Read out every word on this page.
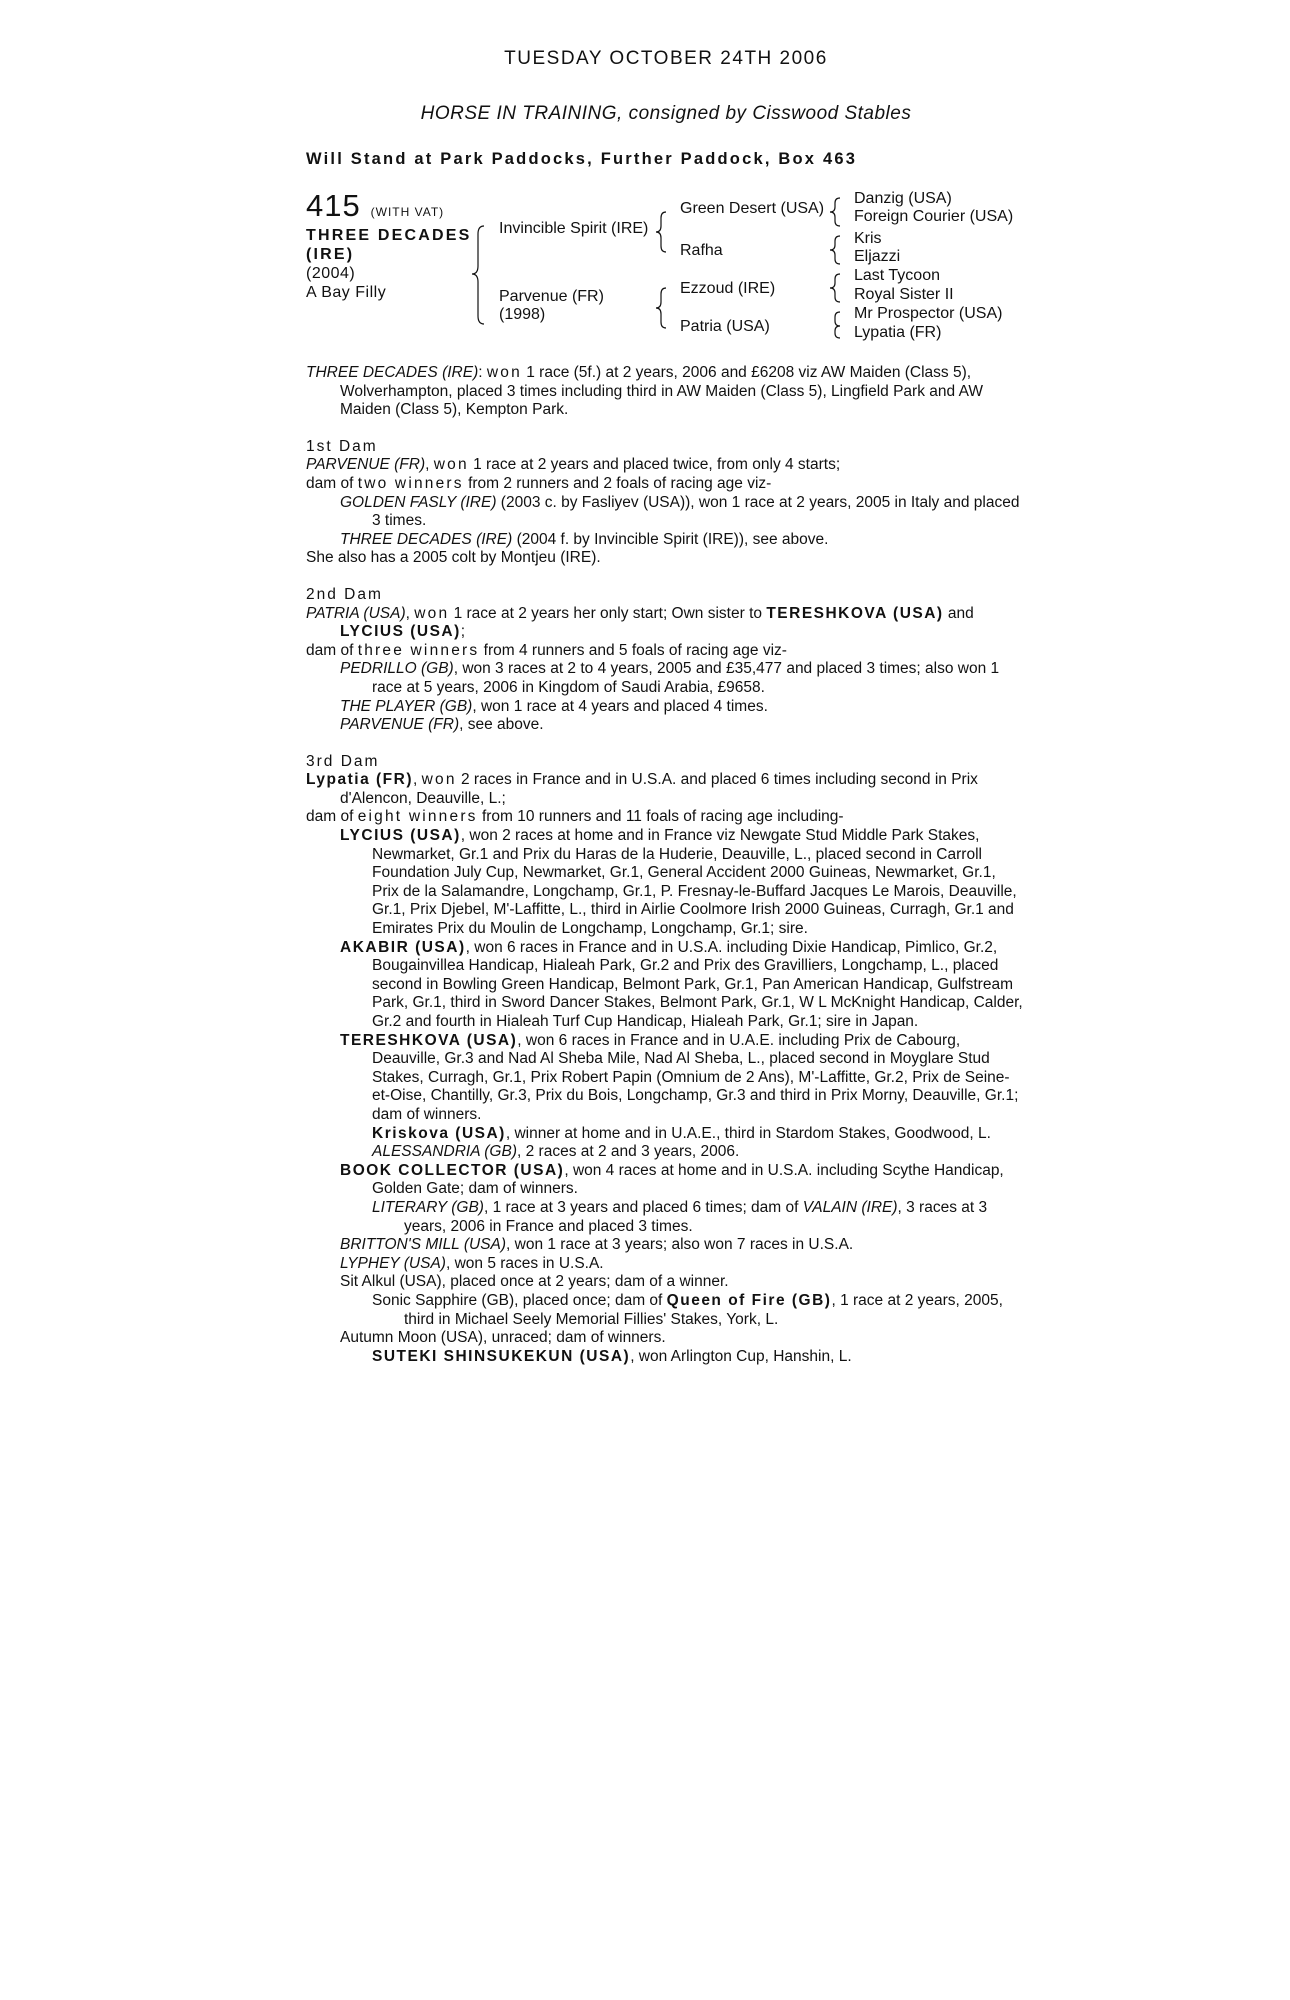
TUESDAY OCTOBER 24TH 2006
HORSE IN TRAINING, consigned by Cisswood Stables
Will Stand at Park Paddocks, Further Paddock, Box 463
415 (WITH VAT)
THREE DECADES
(IRE)
(2004)
A Bay Filly
Invincible Spirit (IRE)
Parvenue (FR)
(1998)
Green Desert (USA)
Rafha
Ezzoud (IRE)
Patria (USA)
Danzig (USA)
Foreign Courier (USA)
Kris
Eljazzi
Last Tycoon
Royal Sister II
Mr Prospector (USA)
Lypatia (FR)

THREE DECADES (IRE): won 1 race (5f.) at 2 years, 2006 and £6208 viz AW Maiden (Class 5), Wolverhampton, placed 3 times including third in AW Maiden (Class 5), Lingfield Park and AW Maiden (Class 5), Kempton Park.

1st Dam

PARVENUE (FR), won 1 race at 2 years and placed twice, from only 4 starts;

dam of two winners from 2 runners and 2 foals of racing age viz-

GOLDEN FASLY (IRE) (2003 c. by Fasliyev (USA)), won 1 race at 2 years, 2005 in Italy and placed 3 times.

THREE DECADES (IRE) (2004 f. by Invincible Spirit (IRE)), see above.

She also has a 2005 colt by Montjeu (IRE).

2nd Dam

PATRIA (USA), won 1 race at 2 years her only start; Own sister to TERESHKOVA (USA) and LYCIUS (USA);

dam of three winners from 4 runners and 5 foals of racing age viz-

PEDRILLO (GB), won 3 races at 2 to 4 years, 2005 and £35,477 and placed 3 times; also won 1 race at 5 years, 2006 in Kingdom of Saudi Arabia, £9658.

THE PLAYER (GB), won 1 race at 4 years and placed 4 times.

PARVENUE (FR), see above.

3rd Dam

Lypatia (FR), won 2 races in France and in U.S.A. and placed 6 times including second in Prix d'Alencon, Deauville, L.;

dam of eight winners from 10 runners and 11 foals of racing age including-

LYCIUS (USA), won 2 races at home and in France viz Newgate Stud Middle Park Stakes, Newmarket, Gr.1 and Prix du Haras de la Huderie, Deauville, L., placed second in Carroll Foundation July Cup, Newmarket, Gr.1, General Accident 2000 Guineas, Newmarket, Gr.1, Prix de la Salamandre, Longchamp, Gr.1, P. Fresnay-le-Buffard Jacques Le Marois, Deauville, Gr.1, Prix Djebel, M'-Laffitte, L., third in Airlie Coolmore Irish 2000 Guineas, Curragh, Gr.1 and Emirates Prix du Moulin de Longchamp, Longchamp, Gr.1; sire.

AKABIR (USA), won 6 races in France and in U.S.A. including Dixie Handicap, Pimlico, Gr.2, Bougainvillea Handicap, Hialeah Park, Gr.2 and Prix des Gravilliers, Longchamp, L., placed second in Bowling Green Handicap, Belmont Park, Gr.1, Pan American Handicap, Gulfstream Park, Gr.1, third in Sword Dancer Stakes, Belmont Park, Gr.1, W L McKnight Handicap, Calder, Gr.2 and fourth in Hialeah Turf Cup Handicap, Hialeah Park, Gr.1; sire in Japan.

TERESHKOVA (USA), won 6 races in France and in U.A.E. including Prix de Cabourg, Deauville, Gr.3 and Nad Al Sheba Mile, Nad Al Sheba, L., placed second in Moyglare Stud Stakes, Curragh, Gr.1, Prix Robert Papin (Omnium de 2 Ans), M'-Laffitte, Gr.2, Prix de Seine-et-Oise, Chantilly, Gr.3, Prix du Bois, Longchamp, Gr.3 and third in Prix Morny, Deauville, Gr.1; dam of winners.

Kriskova (USA), winner at home and in U.A.E., third in Stardom Stakes, Goodwood, L.

ALESSANDRIA (GB), 2 races at 2 and 3 years, 2006.

BOOK COLLECTOR (USA), won 4 races at home and in U.S.A. including Scythe Handicap, Golden Gate; dam of winners.

LITERARY (GB), 1 race at 3 years and placed 6 times; dam of VALAIN (IRE), 3 races at 3 years, 2006 in France and placed 3 times.

BRITTON'S MILL (USA), won 1 race at 3 years; also won 7 races in U.S.A.

LYPHEY (USA), won 5 races in U.S.A.

Sit Alkul (USA), placed once at 2 years; dam of a winner.

Sonic Sapphire (GB), placed once; dam of Queen of Fire (GB), 1 race at 2 years, 2005, third in Michael Seely Memorial Fillies' Stakes, York, L.

Autumn Moon (USA), unraced; dam of winners.

SUTEKI SHINSUKEKUN (USA), won Arlington Cup, Hanshin, L.
